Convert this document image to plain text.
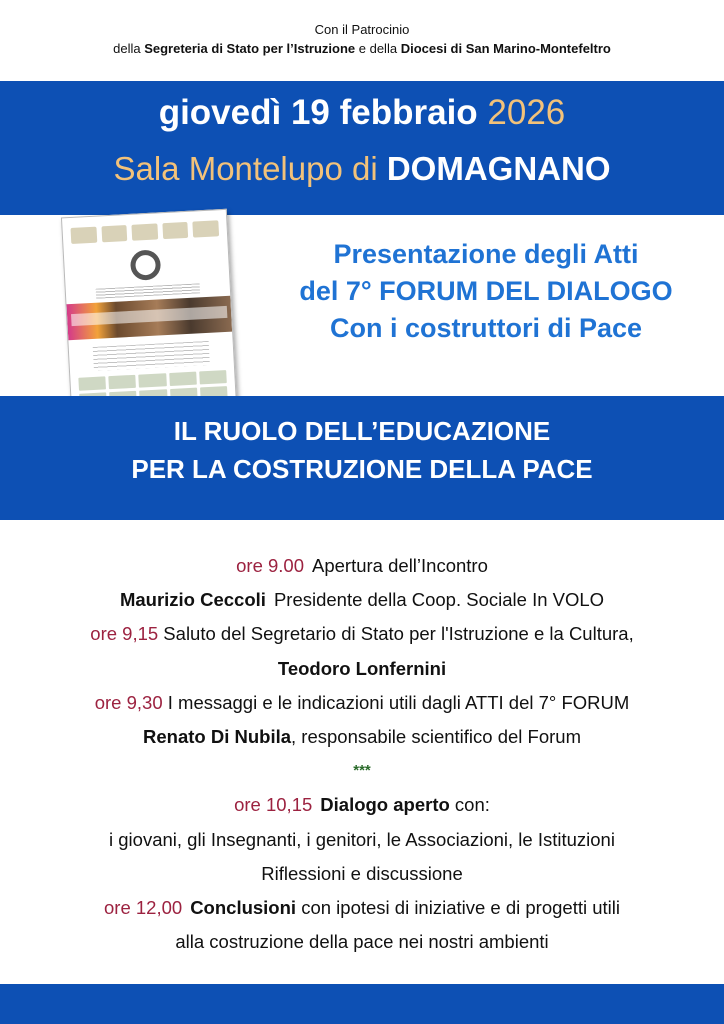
Con il Patrocinio
della Segreteria di Stato per l’Istruzione e della Diocesi di San Marino-Montefeltro
giovedì 19 febbraio 2026
Sala Montelupo di DOMAGNANO
Presentazione degli Atti
del 7° FORUM DEL DIALOGO
Con i costruttori di Pace
IL RUOLO DELL’EDUCAZIONE
PER LA COSTRUZIONE DELLA PACE
ore 9.00 Apertura dell’Incontro
Maurizio Ceccoli Presidente della Coop. Sociale In VOLO
ore 9,15 Saluto del Segretario di Stato per l'Istruzione e la Cultura,
Teodoro Lonfernini
ore 9,30 I messaggi e le indicazioni utili dagli ATTI del 7° FORUM
Renato Di Nubila, responsabile scientifico del Forum
***
ore 10,15 Dialogo aperto con:
i giovani, gli Insegnanti, i genitori, le Associazioni, le Istituzioni
Riflessioni e discussione
ore 12,00 Conclusioni con ipotesi di iniziative e di progetti utili
alla costruzione della pace nei nostri ambienti
